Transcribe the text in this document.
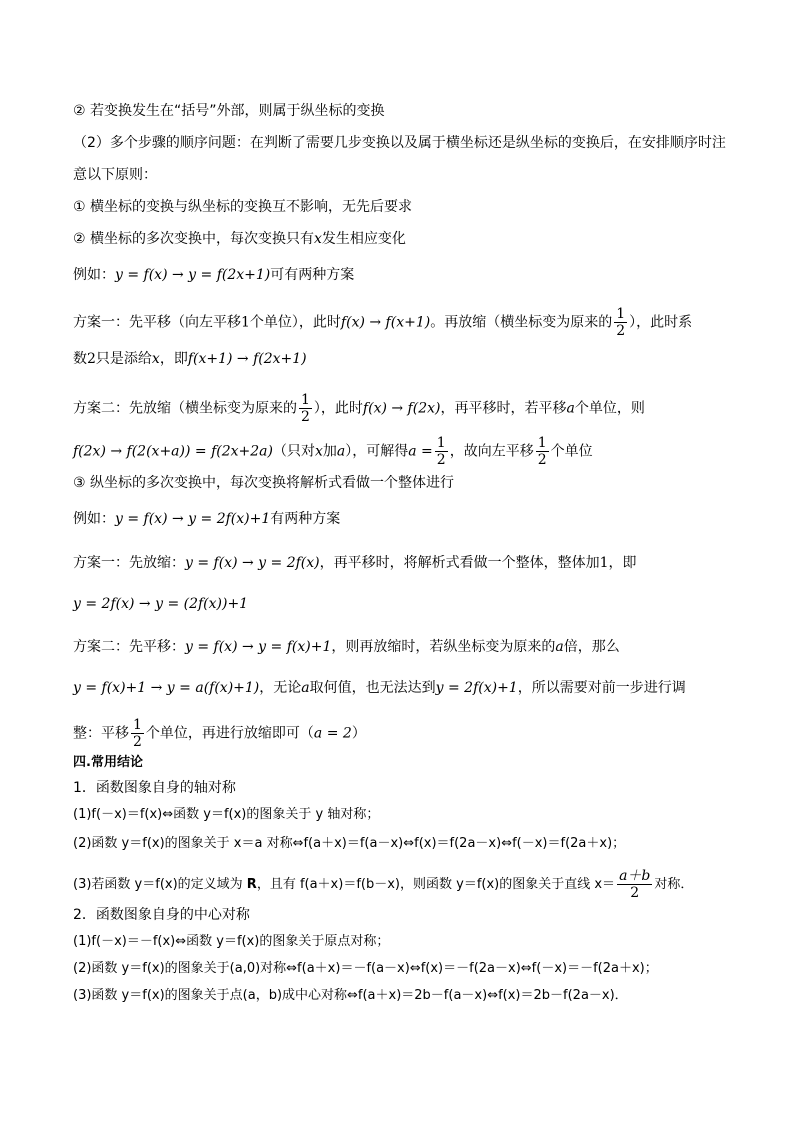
② 若变换发生在“括号”外部，则属于纵坐标的变换
（2）多个步骤的顺序问题：在判断了需要几步变换以及属于横坐标还是纵坐标的变换后，在安排顺序时注
意以下原则：
① 横坐标的变换与纵坐标的变换互不影响，无先后要求
② 横坐标的多次变换中，每次变换只有x发生相应变化
例如：y = f(x) → y = f(2x+1)可有两种方案
方案一：先平移（向左平移1个单位），此时f(x) → f(x+1)。再放缩（横坐标变为原来的 $\frac{1}{2}$ ），此时系
数2只是添给x，即f(x+1) → f(2x+1)
方案二：先放缩（横坐标变为原来的 $\frac{1}{2}$ ），此时f(x) → f(2x)，再平移时，若平移a个单位，则
f(2x) → f(2(x+a)) = f(2x+2a)（只对x加a），可解得$a = \frac{1}{2}$ ，故向左平移 $\frac{1}{2}$ 个单位
③ 纵坐标的多次变换中，每次变换将解析式看做一个整体进行
例如：y = f(x) → y = 2f(x)+1有两种方案
方案一：先放缩：y = f(x) → y = 2f(x)，再平移时，将解析式看做一个整体，整体加1，即
y = 2f(x) → y = (2f(x))+1
方案二：先平移：y = f(x) → y = f(x)+1，则再放缩时，若纵坐标变为原来的a倍，那么
y = f(x)+1 → y = a(f(x)+1)，无论a取何值，也无法达到y = 2f(x)+1，所以需要对前一步进行调
整：平移 $\frac{1}{2}$ 个单位，再进行放缩即可（a = 2）
四.常用结论
1．函数图象自身的轴对称
(1)f(－x)＝f(x)⇔函数 y＝f(x)的图象关于 y 轴对称；
(2)函数 y＝f(x)的图象关于 x＝a 对称⇔f(a＋x)＝f(a－x)⇔f(x)＝f(2a－x)⇔f(－x)＝f(2a＋x)；
(3)若函数 y＝f(x)的定义域为 R，且有 f(a＋x)＝f(b－x)，则函数 y＝f(x)的图象关于直线 $x= \frac{a+b}{2}$ 对称．
2．函数图象自身的中心对称
(1)f(－x)＝－f(x)⇔函数 y＝f(x)的图象关于原点对称；
(2)函数 y＝f(x)的图象关于(a,0)对称⇔f(a＋x)＝－f(a－x)⇔f(x)＝－f(2a－x)⇔f(－x)＝－f(2a＋x)；
(3)函数 y＝f(x)的图象关于点(a，b)成中心对称⇔f(a＋x)＝2b－f(a－x)⇔f(x)＝2b－f(2a－x)．
